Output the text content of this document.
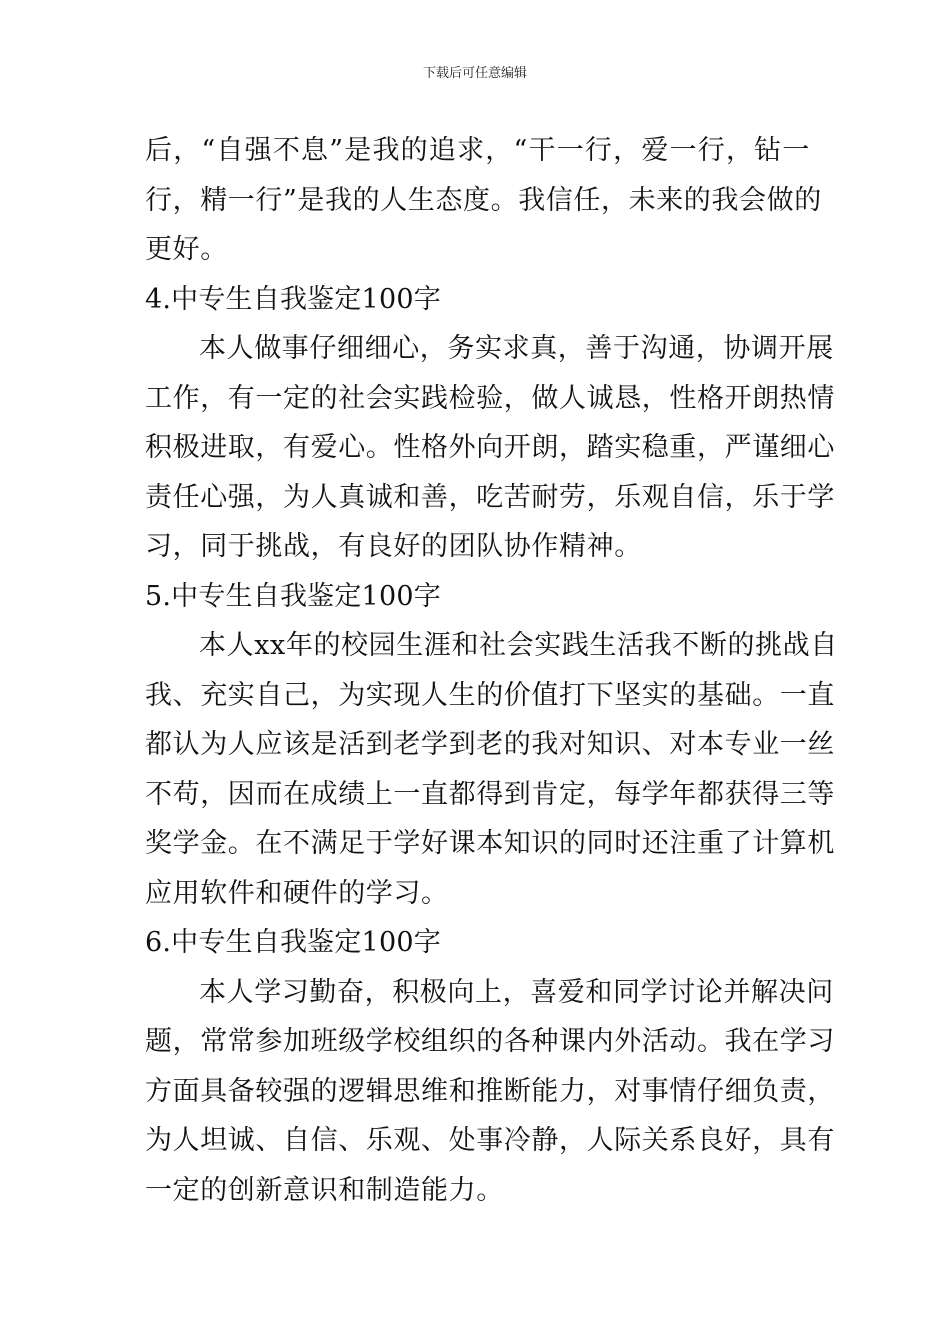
下载后可任意编辑
后，“自强不息”是我的追求，“干一行，爱一行，钻一
行，精一行”是我的人生态度。我信任，未来的我会做的
更好。
4.中专生自我鉴定100字
本人做事仔细细心，务实求真，善于沟通，协调开展
工作，有一定的社会实践检验，做人诚恳，性格开朗热情
积极进取，有爱心。性格外向开朗，踏实稳重，严谨细心
责任心强，为人真诚和善，吃苦耐劳，乐观自信，乐于学
习，同于挑战，有良好的团队协作精神。
5.中专生自我鉴定100字
本人xx年的校园生涯和社会实践生活我不断的挑战自
我、充实自己，为实现人生的价值打下坚实的基础。一直
都认为人应该是活到老学到老的我对知识、对本专业一丝
不苟，因而在成绩上一直都得到肯定，每学年都获得三等
奖学金。在不满足于学好课本知识的同时还注重了计算机
应用软件和硬件的学习。
6.中专生自我鉴定100字
本人学习勤奋，积极向上，喜爱和同学讨论并解决问
题，常常参加班级学校组织的各种课内外活动。我在学习
方面具备较强的逻辑思维和推断能力，对事情仔细负责，
为人坦诚、自信、乐观、处事冷静，人际关系良好，具有
一定的创新意识和制造能力。
